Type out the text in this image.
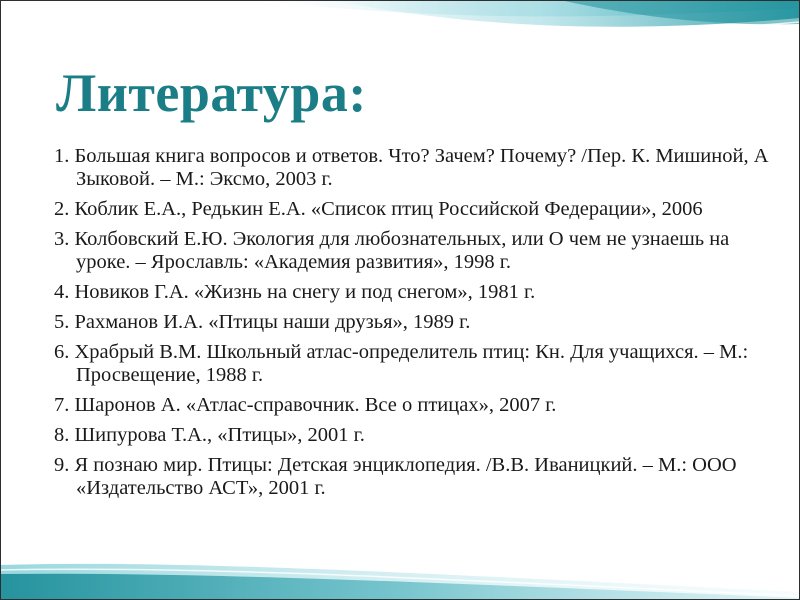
Литература:
1. Большая книга вопросов и ответов. Что? Зачем? Почему? /Пер. К. Мишиной, А Зыковой. – М.: Эксмо, 2003 г.
2. Коблик Е.А., Редькин Е.А. «Список птиц Российской Федерации», 2006
3. Колбовский Е.Ю. Экология для любознательных, или О чем не узнаешь на уроке. – Ярославль: «Академия развития», 1998 г.
4. Новиков Г.А. «Жизнь на снегу и под снегом», 1981 г.
5. Рахманов И.А. «Птицы наши друзья», 1989 г.
6. Храбрый В.М. Школьный атлас-определитель птиц: Кн. Для учащихся. – М.: Просвещение, 1988 г.
7. Шаронов А. «Атлас-справочник. Все о птицах», 2007 г.
8. Шипурова Т.А., «Птицы», 2001 г.
9. Я познаю мир. Птицы: Детская энциклопедия. /В.В. Иваницкий. – М.: ООО «Издательство АСТ», 2001 г.
